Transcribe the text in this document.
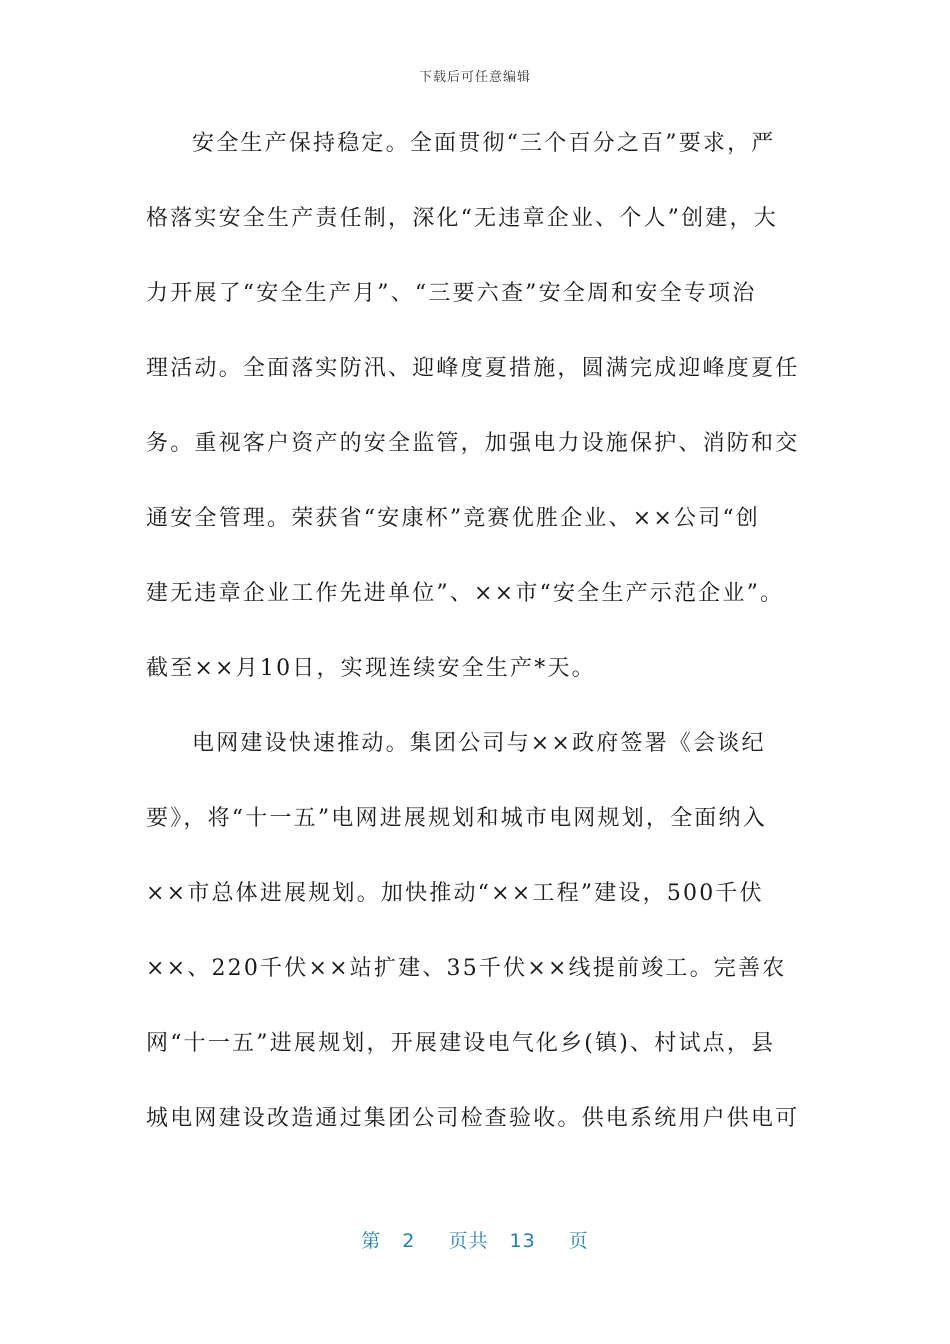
下载后可任意编辑
安全生产保持稳定。全面贯彻“三个百分之百”要求，严
格落实安全生产责任制，深化“无违章企业、个人”创建，大
力开展了“安全生产月”、“三要六查”安全周和安全专项治
理活动。全面落实防汛、迎峰度夏措施，圆满完成迎峰度夏任
务。重视客户资产的安全监管，加强电力设施保护、消防和交
通安全管理。荣获省“安康杯”竞赛优胜企业、××公司“创
建无违章企业工作先进单位”、××市“安全生产示范企业”。
截至××月10日，实现连续安全生产*天。
电网建设快速推动。集团公司与××政府签署《会谈纪
要》，将“十一五”电网进展规划和城市电网规划，全面纳入
××市总体进展规划。加快推动“××工程”建设，500千伏
××、220千伏××站扩建、35千伏××线提前竣工。完善农
网“十一五”进展规划，开展建设电气化乡(镇)、村试点，县
城电网建设改造通过集团公司检查验收。供电系统用户供电可
第 2 页共 13 页
